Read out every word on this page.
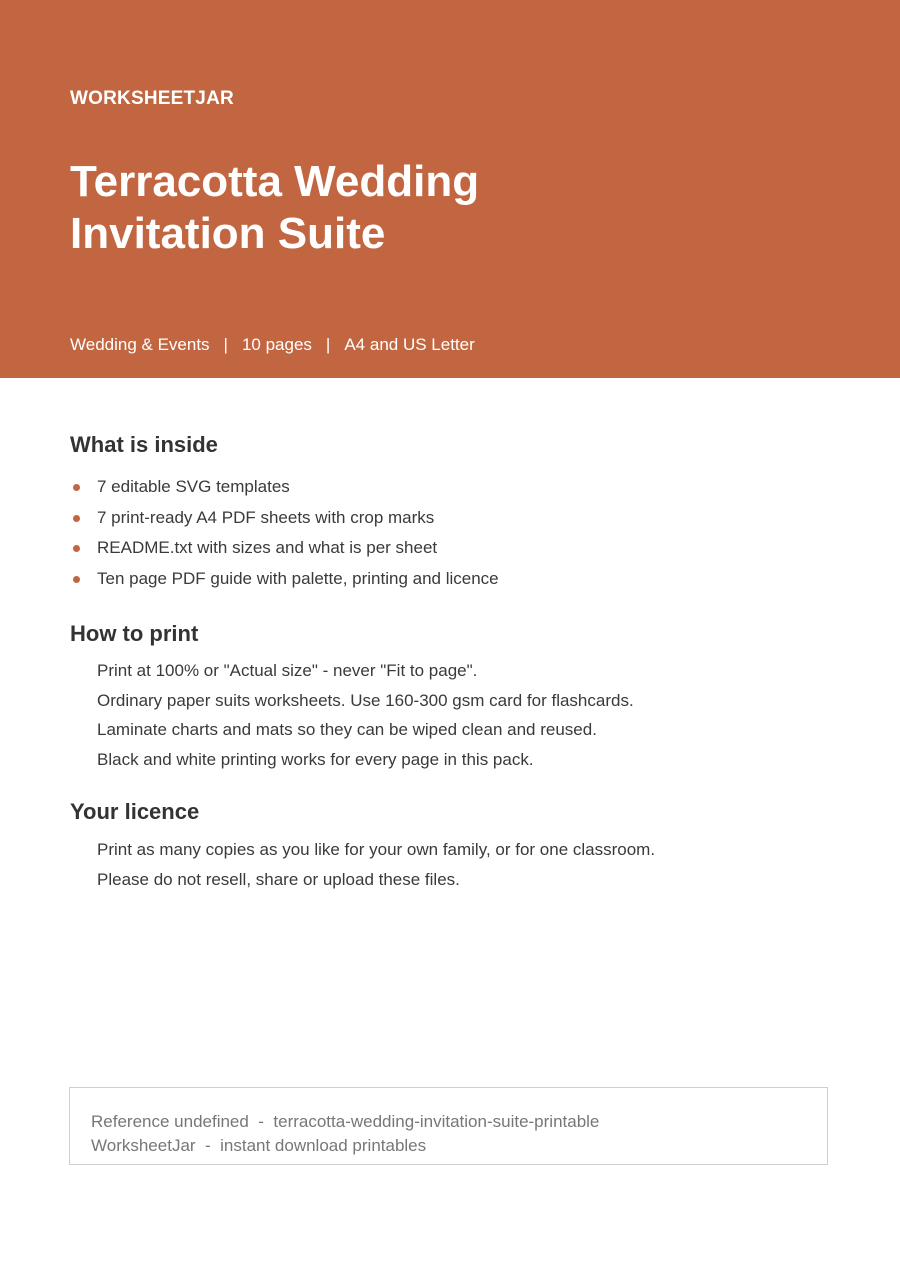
WORKSHEETJAR
Terracotta Wedding
Invitation Suite
Wedding & Events | 10 pages | A4 and US Letter
What is inside
7 editable SVG templates
7 print-ready A4 PDF sheets with crop marks
README.txt with sizes and what is per sheet
Ten page PDF guide with palette, printing and licence
How to print
Print at 100% or "Actual size" - never "Fit to page".
Ordinary paper suits worksheets. Use 160-300 gsm card for flashcards.
Laminate charts and mats so they can be wiped clean and reused.
Black and white printing works for every page in this pack.
Your licence
Print as many copies as you like for your own family, or for one classroom.
Please do not resell, share or upload these files.
Reference undefined  -  terracotta-wedding-invitation-suite-printable
WorksheetJar  -  instant download printables
